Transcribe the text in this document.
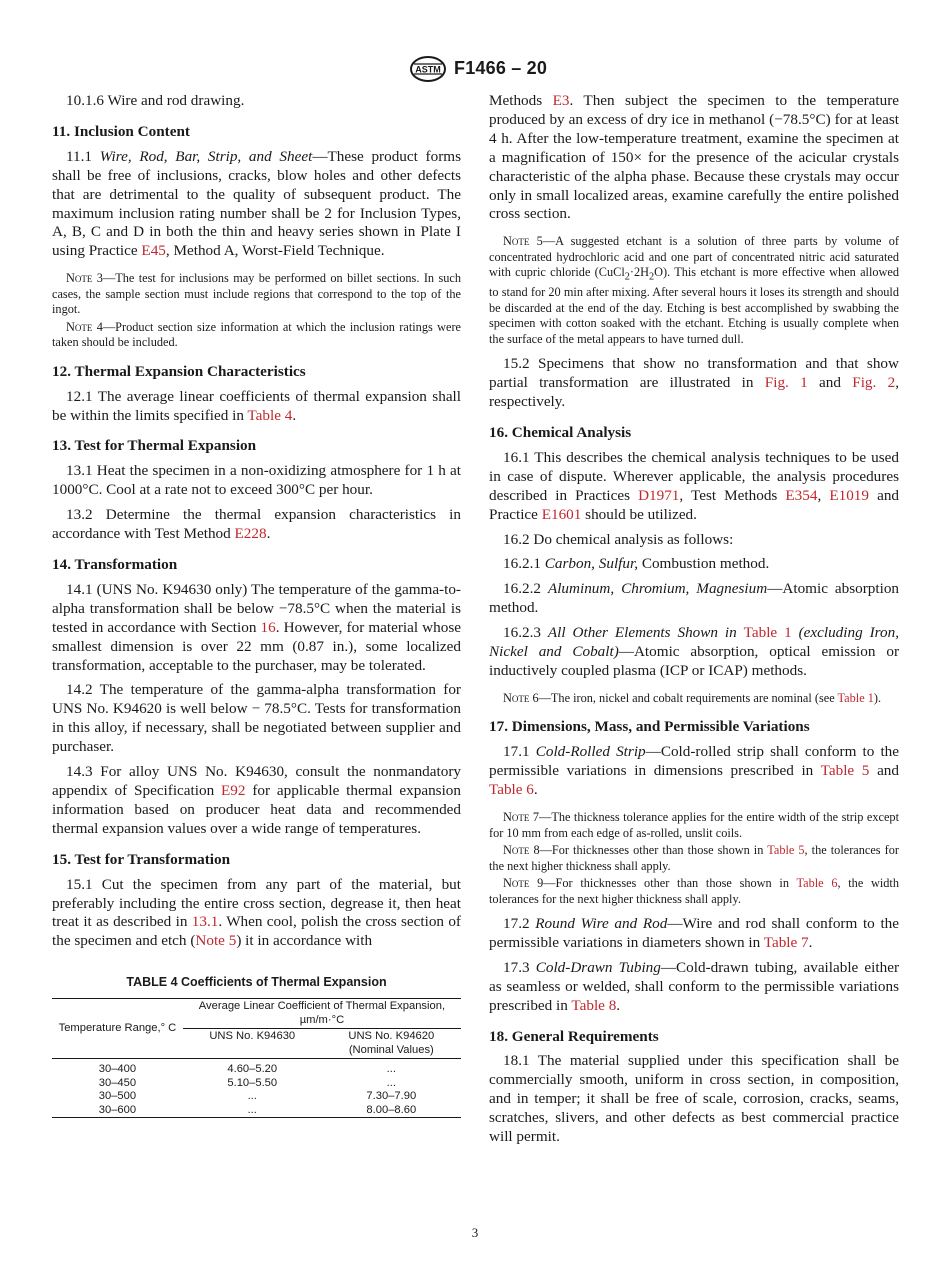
ASTM F1466 – 20

10.1.6 Wire and rod drawing.

11. Inclusion Content

11.1 Wire, Rod, Bar, Strip, and Sheet—These product forms shall be free of inclusions, cracks, blow holes and other defects that are detrimental to the quality of subsequent product. The maximum inclusion rating number shall be 2 for Inclusion Types, A, B, C and D in both the thin and heavy series shown in Plate I using Practice E45, Method A, Worst-Field Technique.

Note 3—The test for inclusions may be performed on billet sections. In such cases, the sample section must include regions that correspond to the top of the ingot.

Note 4—Product section size information at which the inclusion ratings were taken should be included.

12. Thermal Expansion Characteristics

12.1 The average linear coefficients of thermal expansion shall be within the limits specified in Table 4.

13. Test for Thermal Expansion

13.1 Heat the specimen in a non-oxidizing atmosphere for 1 h at 1000°C. Cool at a rate not to exceed 300°C per hour.

13.2 Determine the thermal expansion characteristics in accordance with Test Method E228.

14. Transformation

14.1 (UNS No. K94630 only) The temperature of the gamma-to-alpha transformation shall be below −78.5°C when the material is tested in accordance with Section 16. However, for material whose smallest dimension is over 22 mm (0.87 in.), some localized transformation, acceptable to the purchaser, may be tolerated.

14.2 The temperature of the gamma-alpha transformation for UNS No. K94620 is well below − 78.5°C. Tests for transformation in this alloy, if necessary, shall be negotiated between supplier and purchaser.

14.3 For alloy UNS No. K94630, consult the nonmandatory appendix of Specification E92 for applicable thermal expansion information based on producer heat data and recommended thermal expansion values over a wide range of temperatures.

15. Test for Transformation

15.1 Cut the specimen from any part of the material, but preferably including the entire cross section, degrease it, then heat treat it as described in 13.1. When cool, polish the cross section of the specimen and etch (Note 5) it in accordance with

TABLE 4 Coefficients of Thermal Expansion
Temperature Range,° C	Average Linear Coefficient of Thermal Expansion, µm/m·°C	
	UNS No. K94630	UNS No. K94620
(Nominal Values)

30–400	4.60–5.20	...
30–450	5.10–5.50	...
30–500	...	7.30–7.90
30–600	...	8.00–8.60

Methods E3. Then subject the specimen to the temperature produced by an excess of dry ice in methanol (−78.5°C) for at least 4 h. After the low-temperature treatment, examine the specimen at a magnification of 150× for the presence of the acicular crystals characteristic of the alpha phase. Because these crystals may occur only in small localized areas, examine carefully the entire polished cross section.

Note 5—A suggested etchant is a solution of three parts by volume of concentrated hydrochloric acid and one part of concentrated nitric acid saturated with cupric chloride $(CuCl_2\cdot 2H_2O)$. This etchant is more effective when allowed to stand for 20 min after mixing. After several hours it loses its strength and should be discarded at the end of the day. Etching is best accomplished by swabbing the specimen with cotton soaked with the etchant. Etching is usually complete when the surface of the metal appears to have turned dull.

15.2 Specimens that show no transformation and that show partial transformation are illustrated in Fig. 1 and Fig. 2, respectively.

16. Chemical Analysis

16.1 This describes the chemical analysis techniques to be used in case of dispute. Wherever applicable, the analysis procedures described in Practices D1971, Test Methods E354, E1019 and Practice E1601 should be utilized.

16.2 Do chemical analysis as follows:

16.2.1 Carbon, Sulfur, Combustion method.

16.2.2 Aluminum, Chromium, Magnesium—Atomic absorption method.

16.2.3 All Other Elements Shown in Table 1 (excluding Iron, Nickel and Cobalt)—Atomic absorption, optical emission or inductively coupled plasma (ICP or ICAP) methods.

Note 6—The iron, nickel and cobalt requirements are nominal (see Table 1).

17. Dimensions, Mass, and Permissible Variations

17.1 Cold-Rolled Strip—Cold-rolled strip shall conform to the permissible variations in dimensions prescribed in Table 5 and Table 6.

Note 7—The thickness tolerance applies for the entire width of the strip except for 10 mm from each edge of as-rolled, unslit coils.

Note 8—For thicknesses other than those shown in Table 5, the tolerances for the next higher thickness shall apply.

Note 9—For thicknesses other than those shown in Table 6, the width tolerances for the next higher thickness shall apply.

17.2 Round Wire and Rod—Wire and rod shall conform to the permissible variations in diameters shown in Table 7.

17.3 Cold-Drawn Tubing—Cold-drawn tubing, available either as seamless or welded, shall conform to the permissible variations prescribed in Table 8.

18. General Requirements

18.1 The material supplied under this specification shall be commercially smooth, uniform in cross section, in composition, and in temper; it shall be free of scale, corrosion, cracks, seams, scratches, slivers, and other defects as best commercial practice will permit.

3
